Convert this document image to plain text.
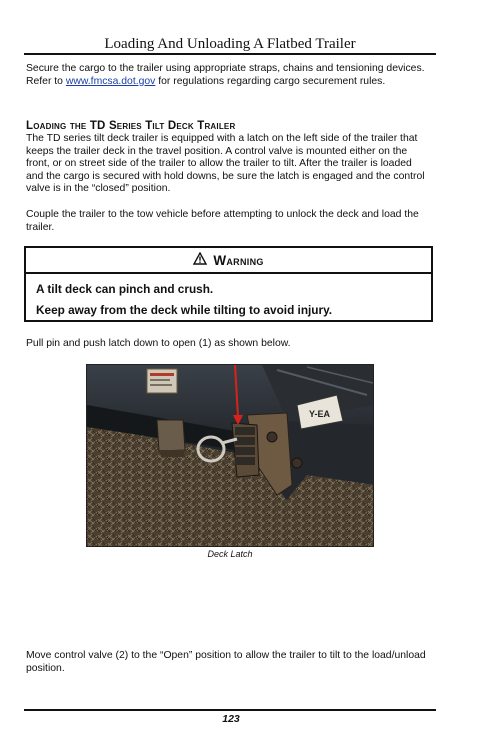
Loading And Unloading A Flatbed Trailer

Secure the cargo to the trailer using appropriate straps, chains and tensioning devices. Refer to www.fmcsa.dot.gov for regulations regarding cargo securement rules.

Loading the TD Series Tilt Deck Trailer

The TD series tilt deck trailer is equipped with a latch on the left side of the trailer that keeps the trailer deck in the travel position. A control valve is mounted either on the front, or on street side of the trailer to allow the trailer to tilt. After the trailer is loaded and the cargo is secured with hold downs, be sure the latch is engaged and the control valve is in the “closed” position.

Couple the trailer to the tow vehicle before attempting to unlock the deck and load the trailer.

Warning
A tilt deck can pinch and crush.
Keep away from the deck while tilting to avoid injury.

Pull pin and push latch down to open (1) as shown below.

Y-EA
Deck Latch

Move control valve (2) to the “Open” position to allow the trailer to tilt to the load/unload position.

123
